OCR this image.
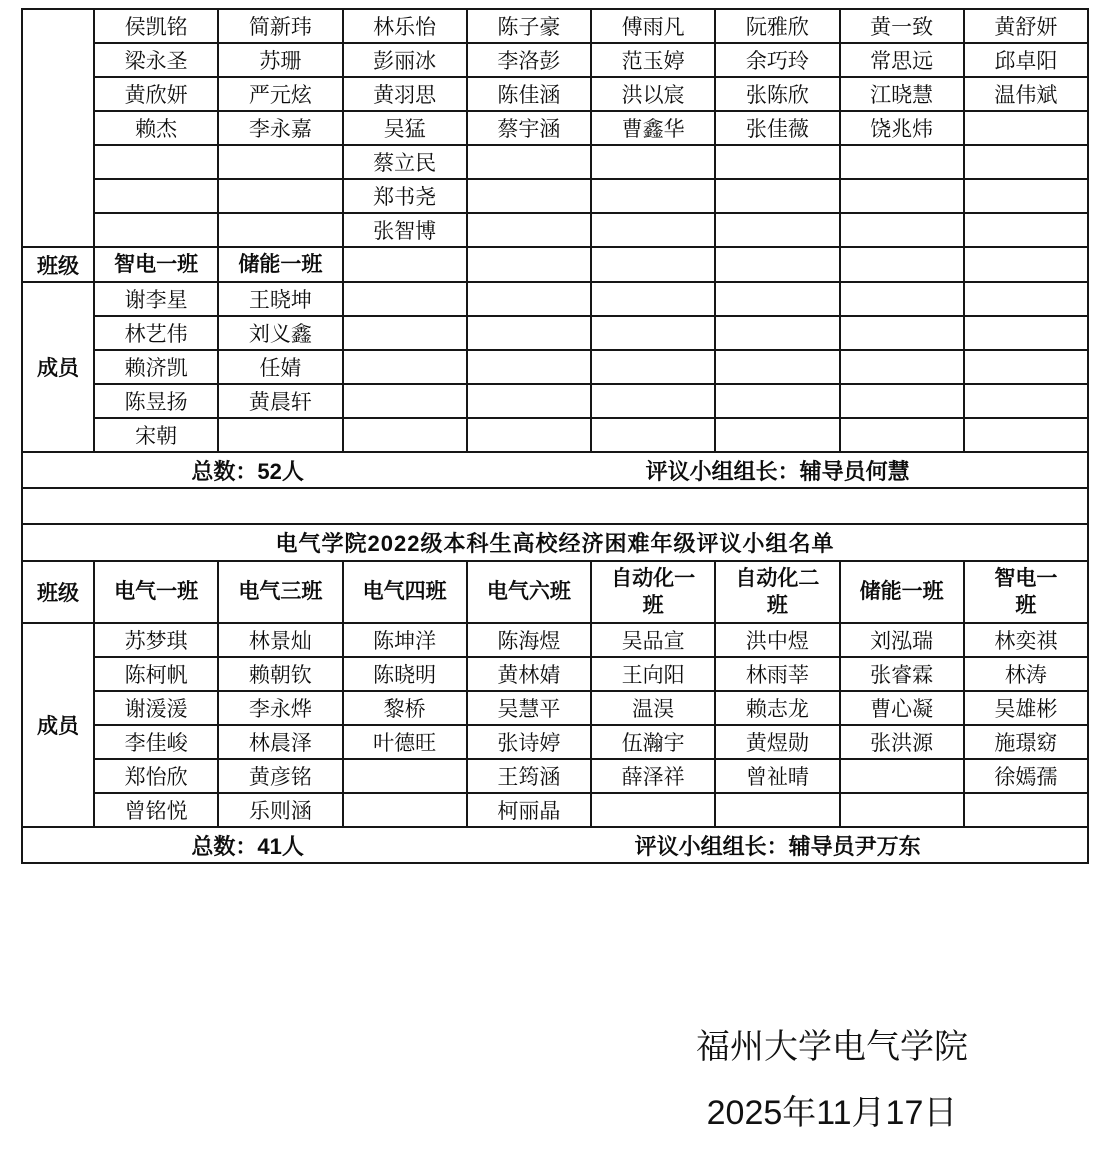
	侯凯铭	简新玮	林乐怡	陈子豪	傅雨凡	阮雅欣	黄一致	黄舒妍
	梁永圣	苏珊	彭丽冰	李洛彭	范玉婷	余巧玲	常思远	邱卓阳
	黄欣妍	严元炫	黄羽思	陈佳涵	洪以宸	张陈欣	江晓慧	温伟斌
	赖杰	李永嘉	吴猛	蔡宇涵	曹鑫华	张佳薇	饶兆炜	
			蔡立民					
			郑书尧					
			张智博					
班级	智电一班	储能一班						
成员	谢李星	王晓坤						
	林艺伟	刘义鑫						
	赖济凯	任婧						
	陈昱扬	黄晨轩						
	宋朝							

总数：52人 评议小组组长：辅导员何慧								

电气学院2022级本科生高校经济困难年级评议小组名单								
班级	电气一班	电气三班	电气四班	电气六班	自动化一班	自动化二班	储能一班	智电一班
成员	苏梦琪	林景灿	陈坤洋	陈海煜	吴品宣	洪中煜	刘泓瑞	林奕祺
	陈柯帆	赖朝钦	陈晓明	黄林婧	王向阳	林雨莘	张睿霖	林涛
	谢湲湲	李永烨	黎桥	吴慧平	温淏	赖志龙	曹心凝	吴雄彬
	李佳峻	林晨泽	叶德旺	张诗婷	伍瀚宇	黄煜勋	张洪源	施璟窈
	郑怡欣	黄彦铭		王筠涵	薛泽祥	曾祉晴		徐嫣孺
	曾铭悦	乐则涵		柯丽晶				

总数：41人 评议小组组长：辅导员尹万东								
福州大学电气学院
2025年11月17日
